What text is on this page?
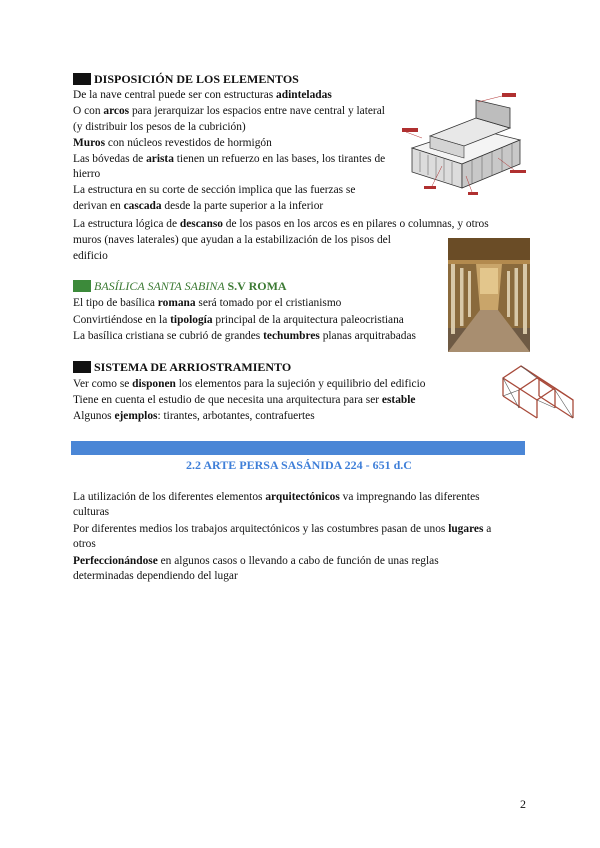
DISPOSICIÓN DE LOS ELEMENTOS
De la nave central puede ser con estructuras adinteladas
O con arcos para jerarquizar los espacios entre nave central y lateral
(y distribuir los pesos de la cubrición)
Muros con núcleos revestidos de hormigón
Las bóvedas de arista tienen un refuerzo en las bases, los tirantes de
hierro
La estructura en su corte de sección implica que las fuerzas se
derivan en cascada desde la parte superior a la inferior
La estructura lógica de descanso de los pasos en los arcos es en pilares o columnas, y otros
muros (naves laterales) que ayudan a la estabilización de los pisos del
edificio
BASÍLICA SANTA SABINA S.V ROMA
El tipo de basílica romana será tomado por el cristianismo
Convirtiéndose en la tipología principal de la arquitectura paleocristiana
La basílica cristiana se cubrió de grandes techumbres planas arquitrabadas
SISTEMA DE ARRIOSTRAMIENTO
Ver como se disponen los elementos para la sujeción y equilibrio del edificio
Tiene en cuenta el estudio de que necesita una arquitectura para ser estable
Algunos ejemplos: tirantes, arbotantes, contrafuertes
2.2 ARTE PERSA SASÁNIDA 224 - 651 d.C
La utilización de los diferentes elementos arquitectónicos va impregnando las diferentes
culturas
Por diferentes medios los trabajos arquitectónicos y las costumbres pasan de unos lugares a
otros
Perfeccionándose en algunos casos o llevando a cabo de función de unas reglas
determinadas dependiendo del lugar
2
